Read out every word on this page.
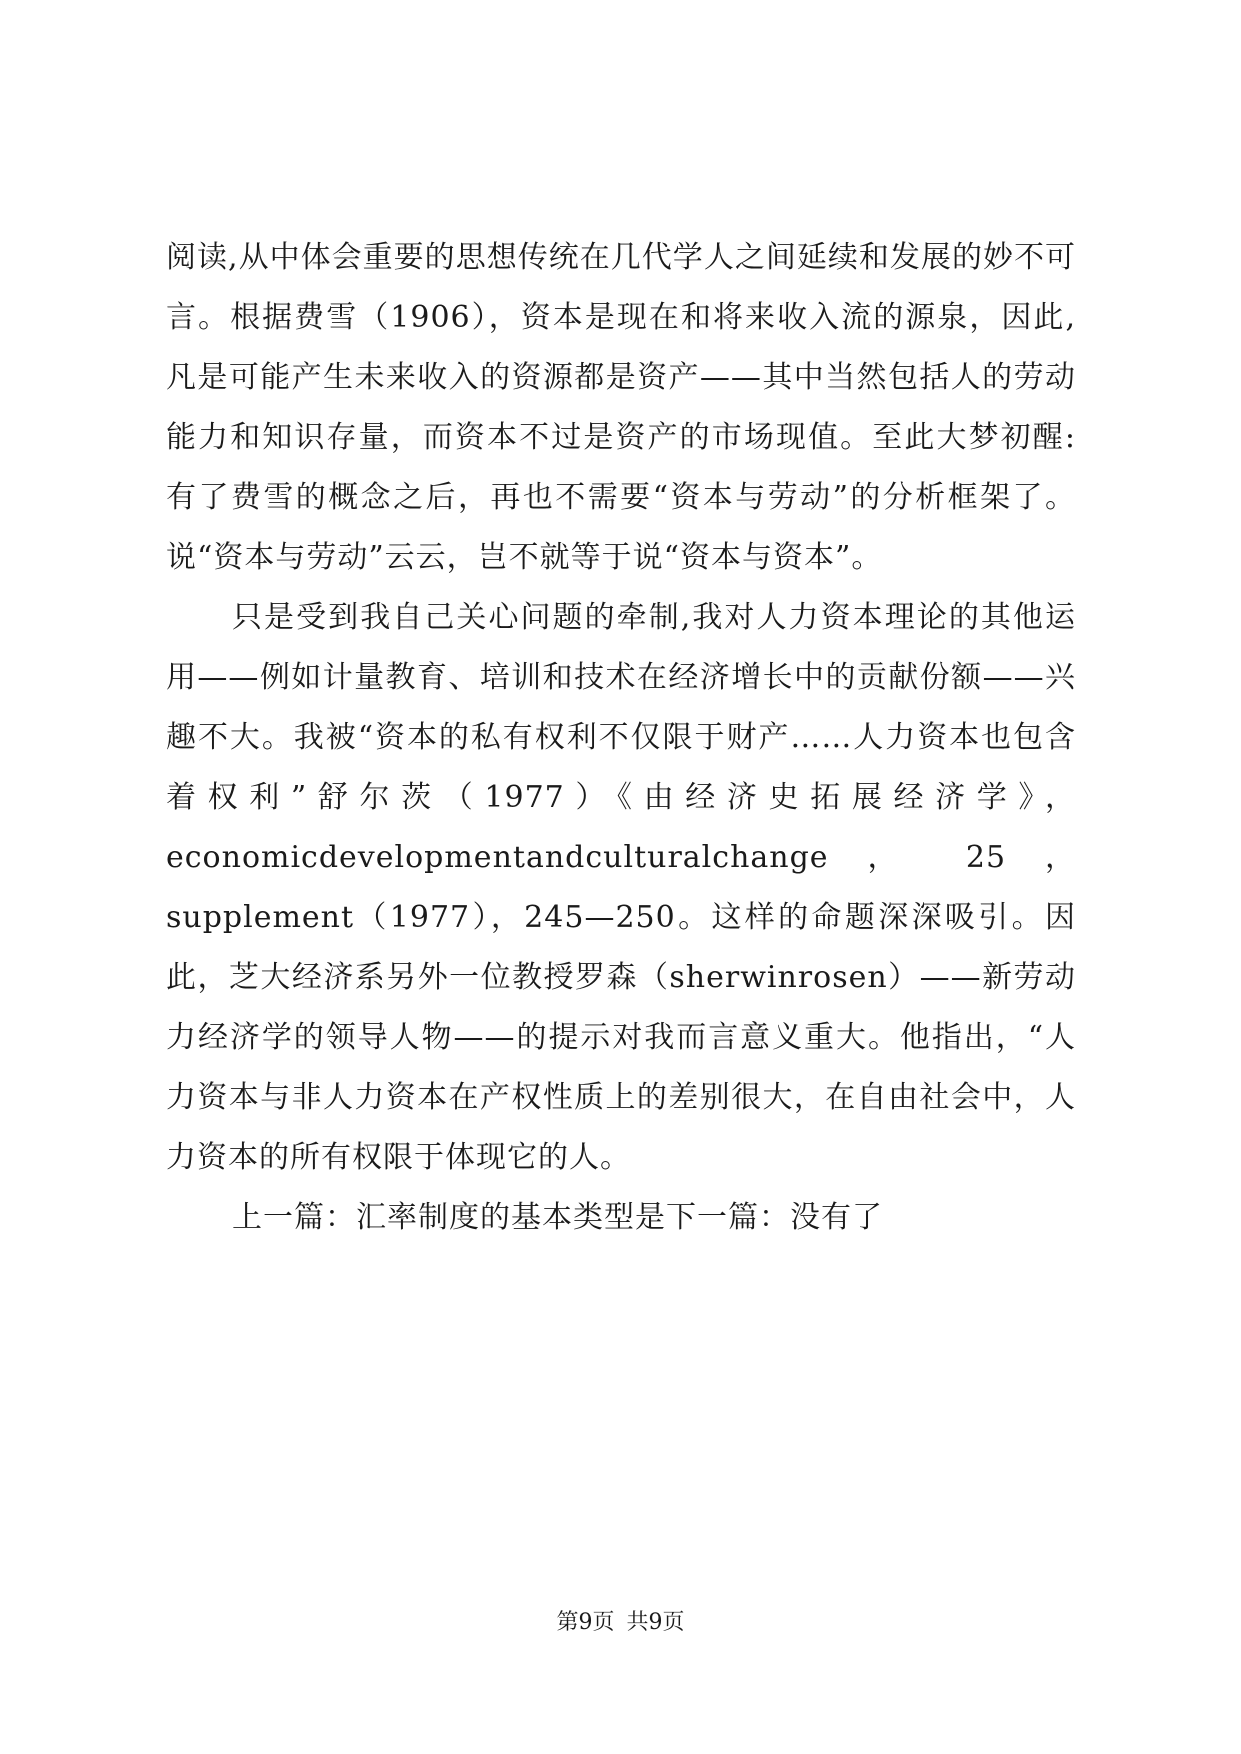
阅读,从中体会重要的思想传统在几代学人之间延续和发展的妙不可言。根据费雪（1906），资本是现在和将来收入流的源泉，因此,凡是可能产生未来收入的资源都是资产——其中当然包括人的劳动能力和知识存量，而资本不过是资产的市场现值。至此大梦初醒:有了费雪的概念之后，再也不需要“资本与劳动”的分析框架了。说“资本与劳动”云云，岂不就等于说“资本与资本”。

只是受到我自己关心问题的牵制,我对人力资本理论的其他运用——例如计量教育、培训和技术在经济增长中的贡献份额——兴趣不大。我被“资本的私有权利不仅限于财产……人力资本也包含着权利”舒尔茨（1977）《由经济史拓展经济学》，economicdevelopmentandculturalchange ， 25 ， supplement（1977），245—250。这样的命题深深吸引。因此，芝大经济系另外一位教授罗森（sherwinrosen）——新劳动力经济学的领导人物——的提示对我而言意义重大。他指出，“人力资本与非人力资本在产权性质上的差别很大，在自由社会中，人力资本的所有权限于体现它的人。

上一篇：汇率制度的基本类型是下一篇：没有了

第9页 共9页
